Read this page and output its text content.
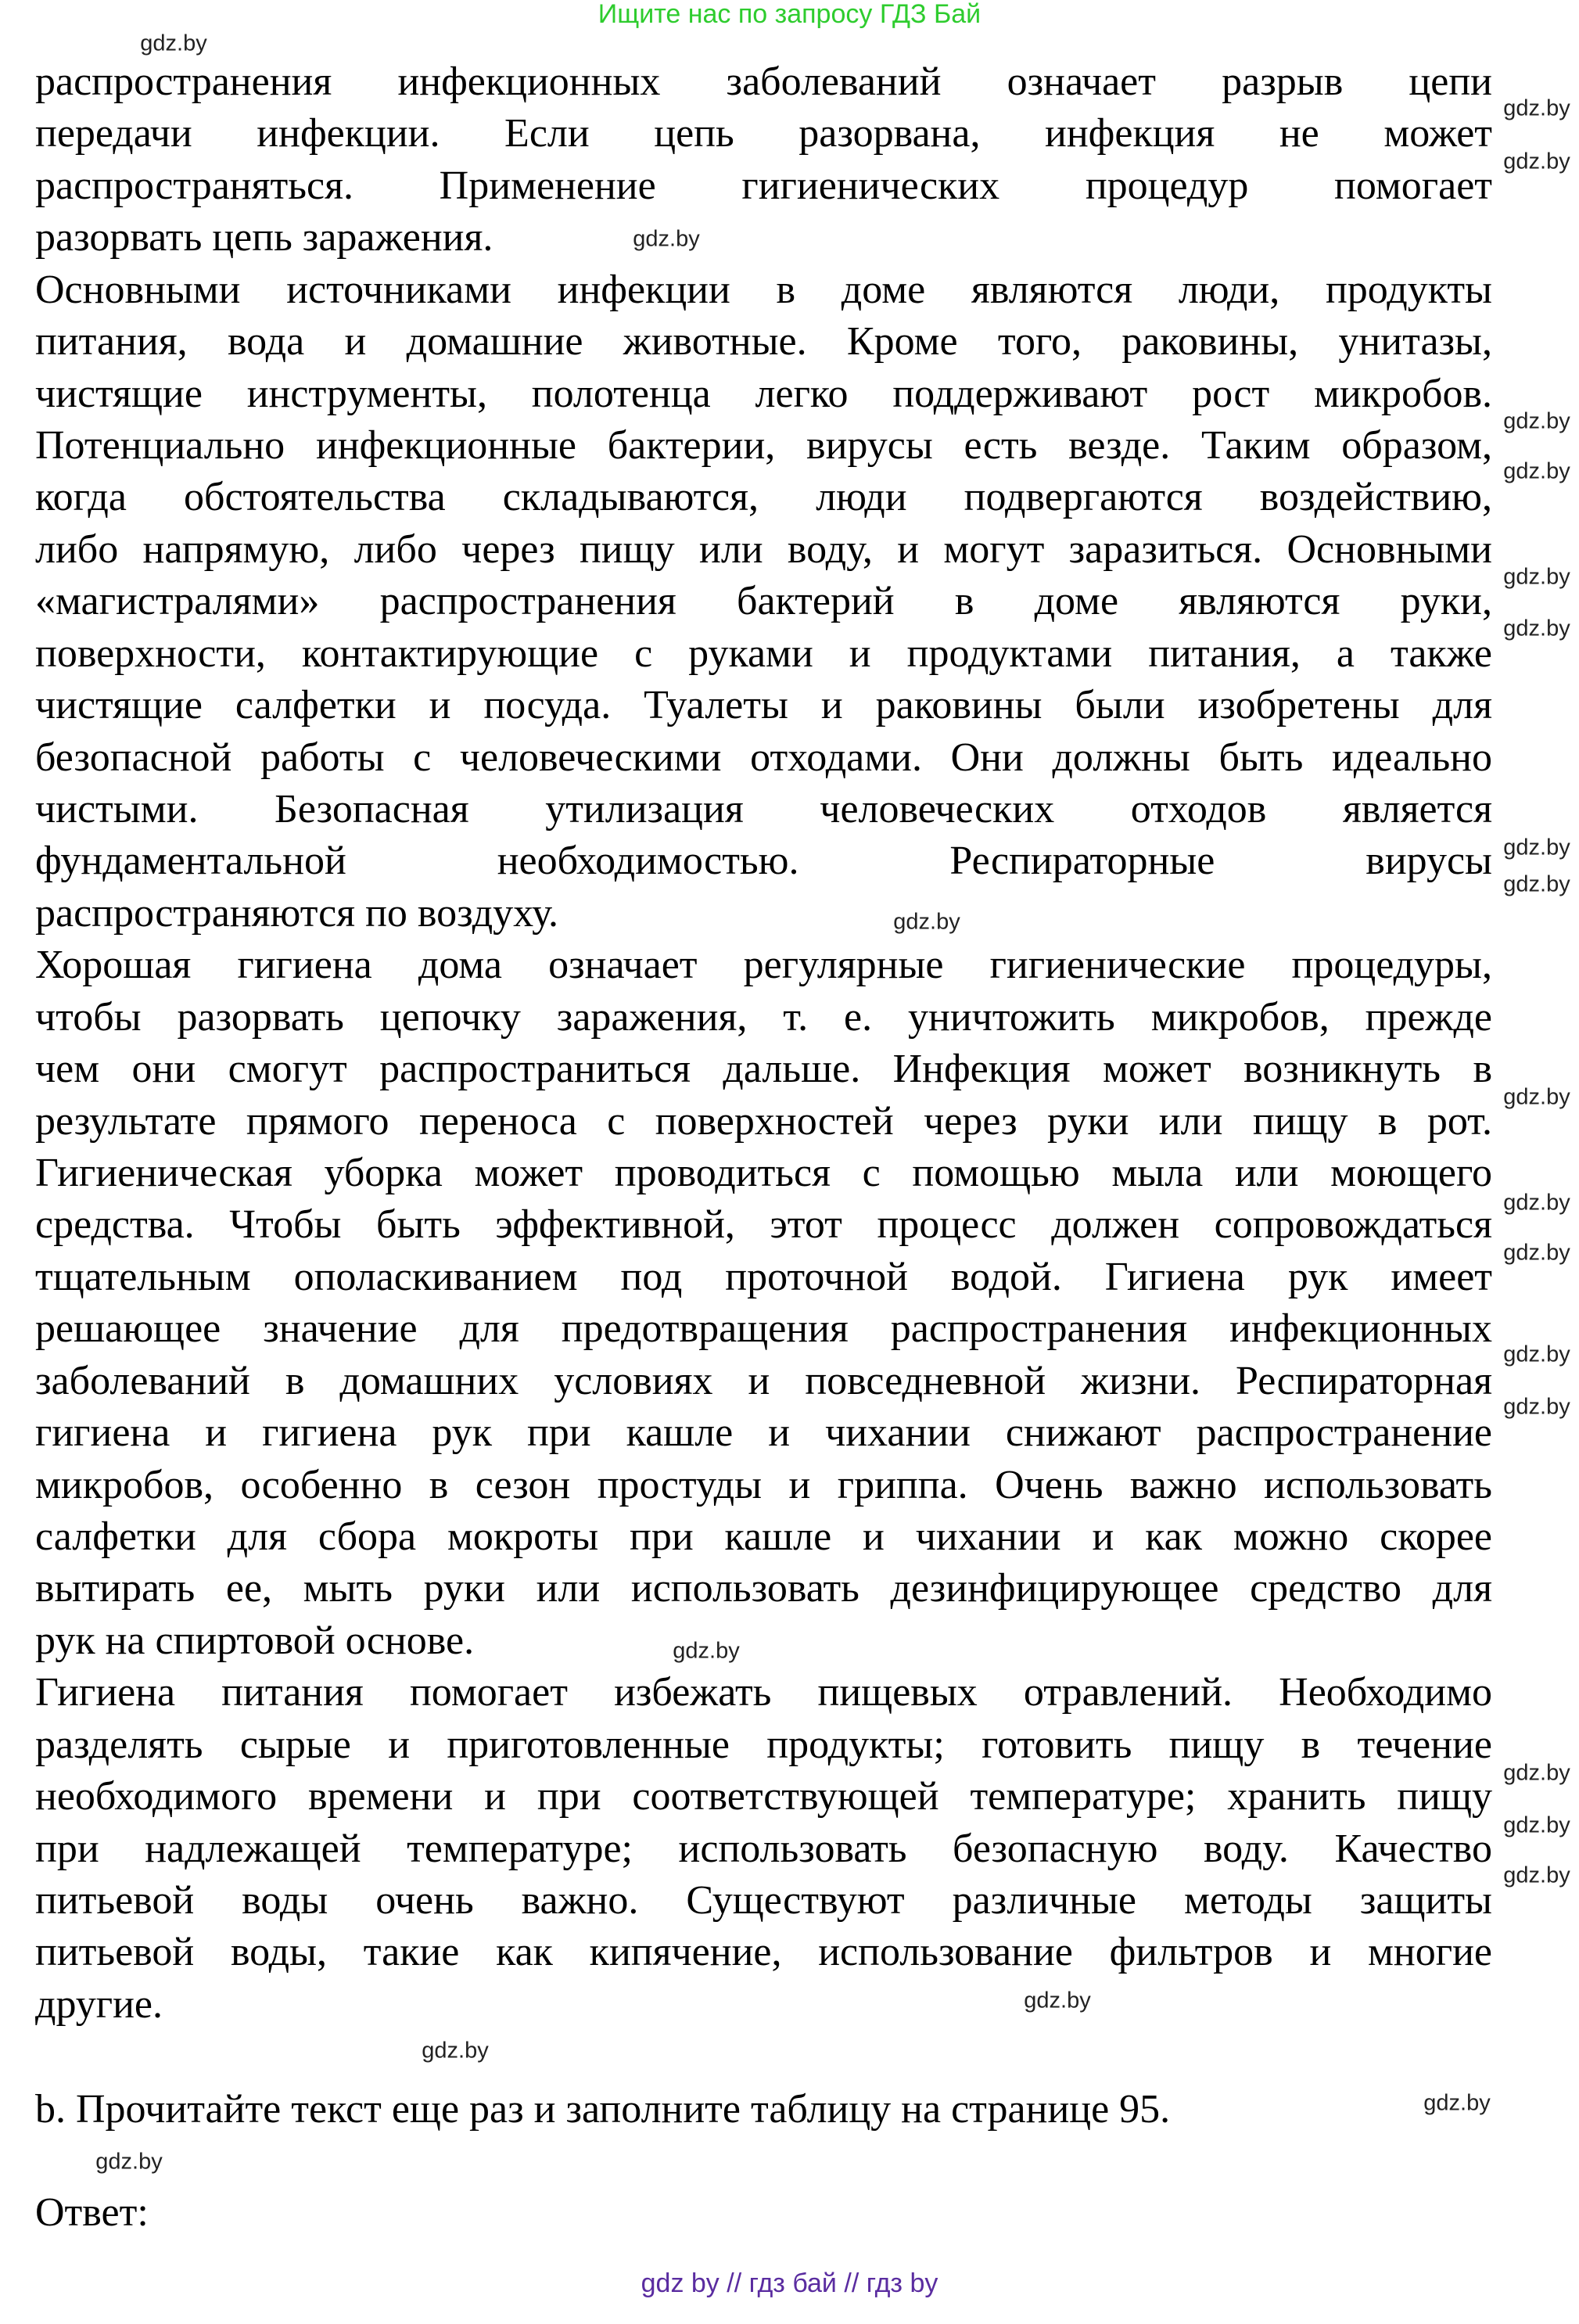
Ищите нас по запросу ГДЗ Бай
распространения инфекционных заболеваний означает разрыв цепи
передачи инфекции. Если цепь разорвана, инфекция не может
распространяться. Применение гигиенических процедур помогает
разорвать цепь заражения.
Основными источниками инфекции в доме являются люди, продукты
питания, вода и домашние животные. Кроме того, раковины, унитазы,
чистящие инструменты, полотенца легко поддерживают рост микробов.
Потенциально инфекционные бактерии, вирусы есть везде. Таким образом,
когда обстоятельства складываются, люди подвергаются воздействию,
либо напрямую, либо через пищу или воду, и могут заразиться. Основными
«магистралями» распространения бактерий в доме являются руки,
поверхности, контактирующие с руками и продуктами питания, а также
чистящие салфетки и посуда. Туалеты и раковины были изобретены для
безопасной работы с человеческими отходами. Они должны быть идеально
чистыми. Безопасная утилизация человеческих отходов является
фундаментальной необходимостью. Респираторные вирусы
распространяются по воздуху.
Хорошая гигиена дома означает регулярные гигиенические процедуры,
чтобы разорвать цепочку заражения, т. е. уничтожить микробов, прежде
чем они смогут распространиться дальше. Инфекция может возникнуть в
результате прямого переноса с поверхностей через руки или пищу в рот.
Гигиеническая уборка может проводиться с помощью мыла или моющего
средства. Чтобы быть эффективной, этот процесс должен сопровождаться
тщательным ополаскиванием под проточной водой. Гигиена рук имеет
решающее значение для предотвращения распространения инфекционных
заболеваний в домашних условиях и повседневной жизни. Респираторная
гигиена и гигиена рук при кашле и чихании снижают распространение
микробов, особенно в сезон простуды и гриппа. Очень важно использовать
салфетки для сбора мокроты при кашле и чихании и как можно скорее
вытирать ее, мыть руки или использовать дезинфицирующее средство для
рук на спиртовой основе.
Гигиена питания помогает избежать пищевых отравлений. Необходимо
разделять сырые и приготовленные продукты; готовить пищу в течение
необходимого времени и при соответствующей температуре; хранить пищу
при надлежащей температуре; использовать безопасную воду. Качество
питьевой воды очень важно. Существуют различные методы защиты
питьевой воды, такие как кипячение, использование фильтров и многие
другие.
gdz.by
gdz.by
gdz.by
gdz.by
gdz.by
gdz.by
gdz.by
gdz.by
gdz.by
gdz.by
gdz.by
gdz.by
gdz.by
gdz.by
gdz.by
gdz.by
gdz.by
gdz.by
gdz.by
gdz.by
gdz.by
gdz.by
gdz.by
gdz.by
b. Прочитайте текст еще раз и заполните таблицу на странице 95.
Ответ:
gdz by // гдз бай // гдз by
